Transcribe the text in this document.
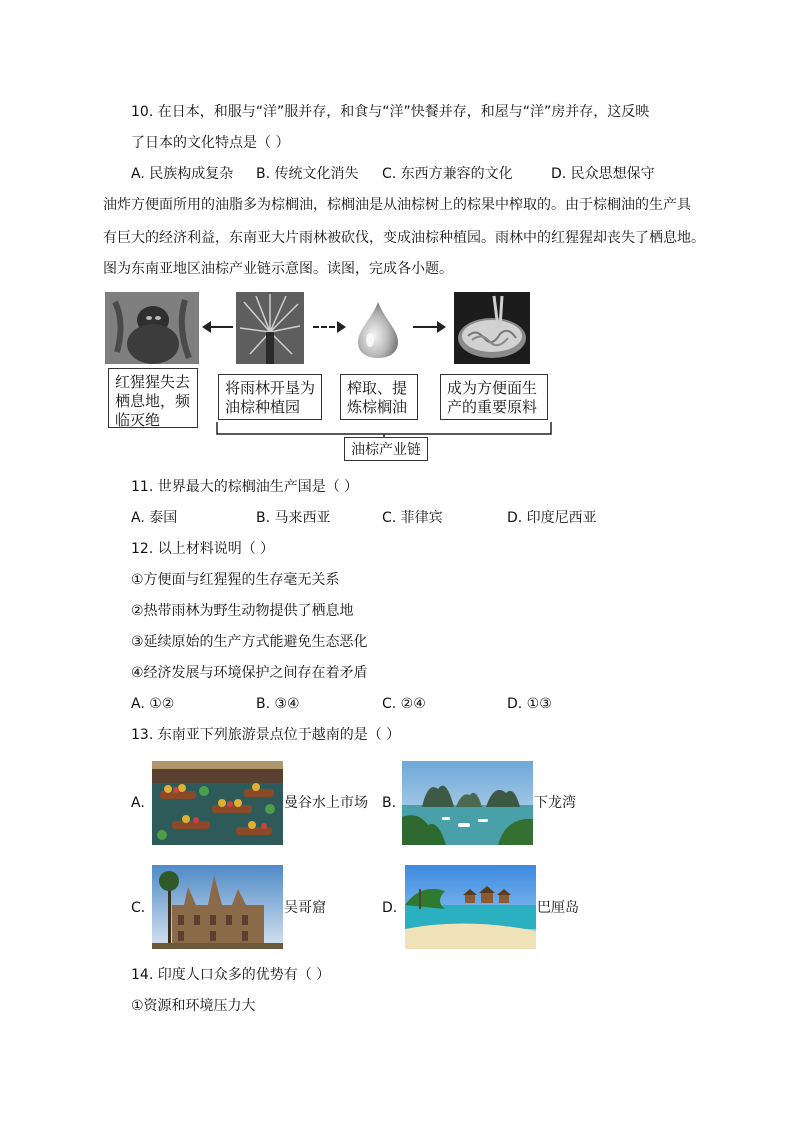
10. 在日本，和服与“洋”服并存，和食与“洋”快餐并存，和屋与“洋”房并存，这反映
了日本的文化特点是（ ）
A. 民族构成复杂 B. 传统文化消失 C. 东西方兼容的文化	D. 民众思想保守
油炸方便面所用的油脂多为棕榈油，棕榈油是从油棕树上的棕果中榨取的。由于棕榈油的生产具
有巨大的经济利益，东南亚大片雨林被砍伐，变成油棕种植园。雨林中的红猩猩却丧失了栖息地。
图为东南亚地区油棕产业链示意图。读图，完成各小题。
红猩猩失去栖息地，频临灭绝
将雨林开垦为油棕种植园
榨取、提炼棕榈油
成为方便面生产的重要原料
油棕产业链
11. 世界最大的棕榈油生产国是（ ）
A. 泰国	B. 马来西亚	C. 菲律宾	D. 印度尼西亚
12. 以上材料说明（ ）
①方便面与红猩猩的生存毫无关系
②热带雨林为野生动物提供了栖息地
③延续原始的生产方式能避免生态恶化
④经济发展与环境保护之间存在着矛盾
A. ①②	B. ③④	C. ②④	D. ①③
13. 东南亚下列旅游景点位于越南的是（ ）
A.	曼谷水上市场 B.	下龙湾
C.	吴哥窟	D.	巴厘岛
14. 印度人口众多的优势有（ ）
①资源和环境压力大
